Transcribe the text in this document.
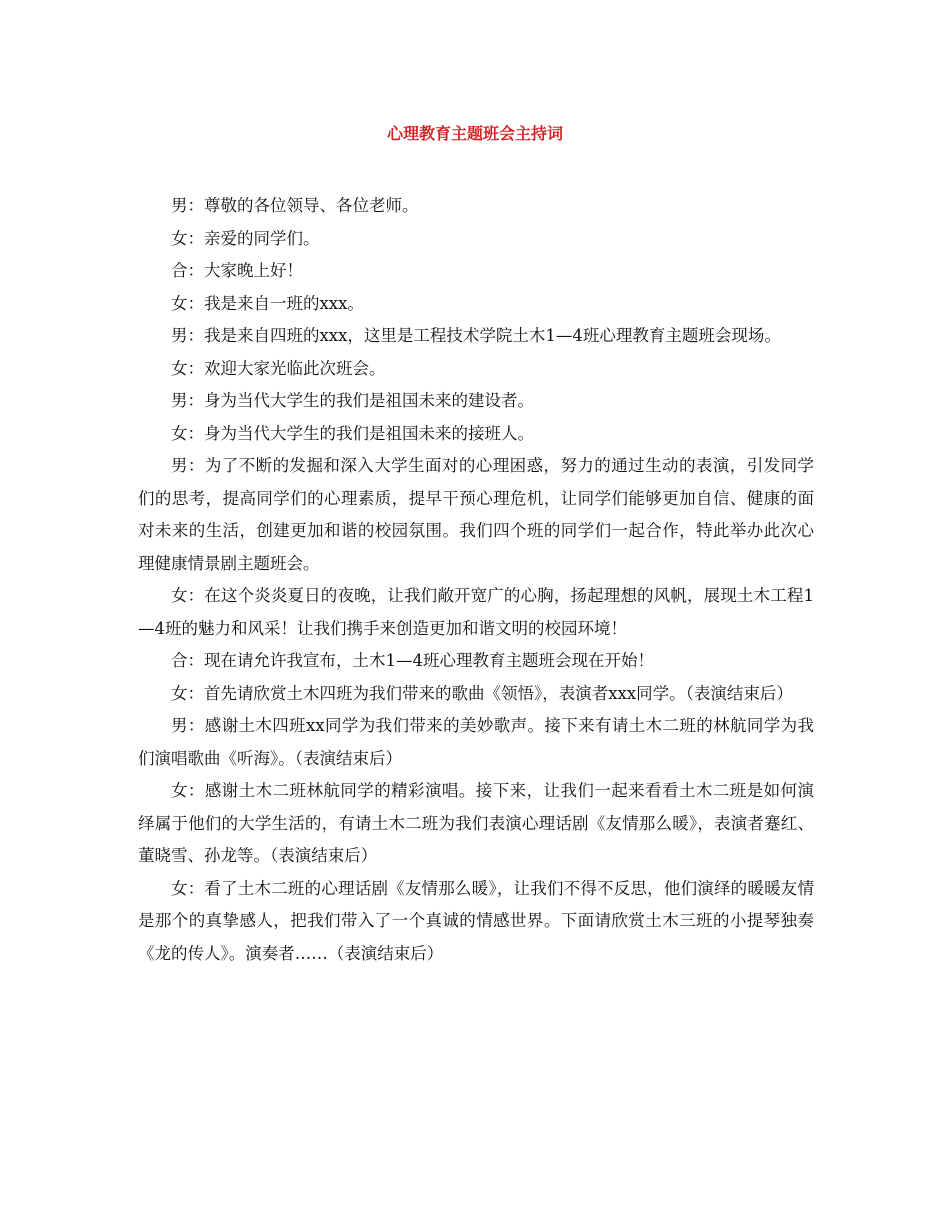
心理教育主题班会主持词

男：尊敬的各位领导、各位老师。

女：亲爱的同学们。

合：大家晚上好！

女：我是来自一班的xxx。

男：我是来自四班的xxx，这里是工程技术学院土木1—4班心理教育主题班会现场。

女：欢迎大家光临此次班会。

男：身为当代大学生的我们是祖国未来的建设者。

女：身为当代大学生的我们是祖国未来的接班人。

男：为了不断的发掘和深入大学生面对的心理困惑，努力的通过生动的表演，引发同学们的思考，提高同学们的心理素质，提早干预心理危机，让同学们能够更加自信、健康的面对未来的生活，创建更加和谐的校园氛围。我们四个班的同学们一起合作，特此举办此次心理健康情景剧主题班会。

女：在这个炎炎夏日的夜晚，让我们敞开宽广的心胸，扬起理想的风帆，展现土木工程1—4班的魅力和风采！让我们携手来创造更加和谐文明的校园环境！

合：现在请允许我宣布，土木1—4班心理教育主题班会现在开始！

女：首先请欣赏土木四班为我们带来的歌曲《领悟》，表演者xxx同学。（表演结束后）

男：感谢土木四班xx同学为我们带来的美妙歌声。接下来有请土木二班的林航同学为我们演唱歌曲《听海》。（表演结束后）

女：感谢土木二班林航同学的精彩演唱。接下来，让我们一起来看看土木二班是如何演绎属于他们的大学生活的，有请土木二班为我们表演心理话剧《友情那么暖》，表演者蹇红、董晓雪、孙龙等。（表演结束后）

女：看了土木二班的心理话剧《友情那么暖》，让我们不得不反思，他们演绎的暖暖友情是那个的真挚感人，把我们带入了一个真诚的情感世界。下面请欣赏土木三班的小提琴独奏《龙的传人》。演奏者……（表演结束后）
